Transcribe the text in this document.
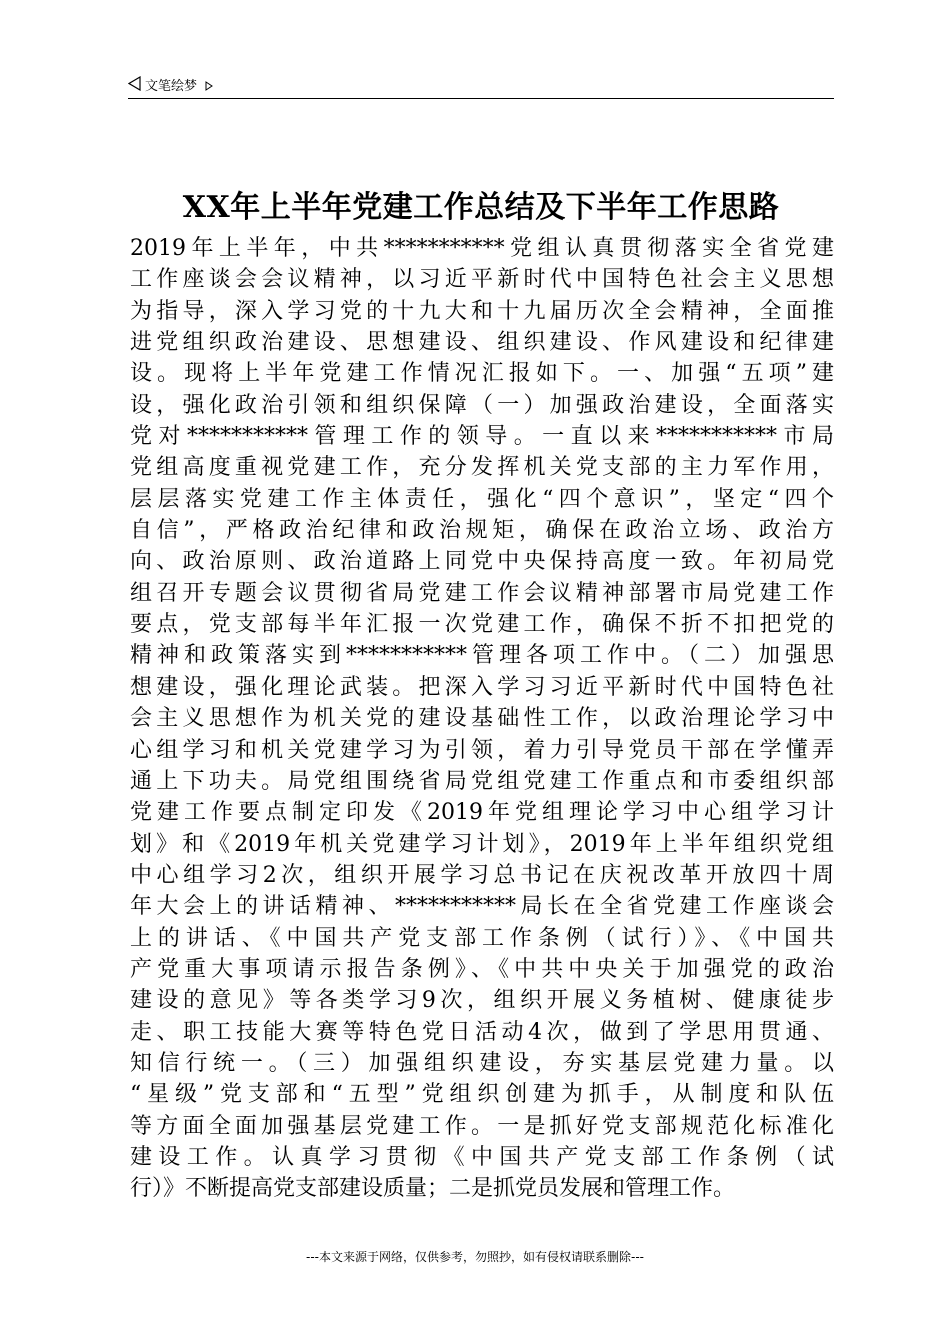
文笔绘梦
XX年上半年党建工作总结及下半年工作思路
2019年上半年，中共***********党组认真贯彻落实全省党建
工作座谈会会议精神，以习近平新时代中国特色社会主义思想
为指导，深入学习党的十九大和十九届历次全会精神，全面推
进党组织政治建设、思想建设、组织建设、作风建设和纪律建
设。现将上半年党建工作情况汇报如下。一、加强“五项”建
设，强化政治引领和组织保障（一）加强政治建设，全面落实
党对***********管理工作的领导。一直以来***********市局
党组高度重视党建工作，充分发挥机关党支部的主力军作用，
层层落实党建工作主体责任，强化“四个意识”，坚定“四个
自信”，严格政治纪律和政治规矩，确保在政治立场、政治方
向、政治原则、政治道路上同党中央保持高度一致。年初局党
组召开专题会议贯彻省局党建工作会议精神部署市局党建工作
要点，党支部每半年汇报一次党建工作，确保不折不扣把党的
精神和政策落实到***********管理各项工作中。（二）加强思
想建设，强化理论武装。把深入学习习近平新时代中国特色社
会主义思想作为机关党的建设基础性工作，以政治理论学习中
心组学习和机关党建学习为引领，着力引导党员干部在学懂弄
通上下功夫。局党组围绕省局党组党建工作重点和市委组织部
党建工作要点制定印发《2019年党组理论学习中心组学习计
划》和《2019年机关党建学习计划》，2019年上半年组织党组
中心组学习2次，组织开展学习总书记在庆祝改革开放四十周
年大会上的讲话精神、***********局长在全省党建工作座谈会
上的讲话、《中国共产党支部工作条例（试行）》、《中国共
产党重大事项请示报告条例》、《中共中央关于加强党的政治
建设的意见》等各类学习9次，组织开展义务植树、健康徒步
走、职工技能大赛等特色党日活动4次，做到了学思用贯通、
知信行统一。（三）加强组织建设，夯实基层党建力量。以
“星级”党支部和“五型”党组织创建为抓手，从制度和队伍
等方面全面加强基层党建工作。一是抓好党支部规范化标准化
建设工作。认真学习贯彻《中国共产党支部工作条例（试
行）》不断提高党支部建设质量；二是抓党员发展和管理工作。
---本文来源于网络，仅供参考，勿照抄，如有侵权请联系删除---
